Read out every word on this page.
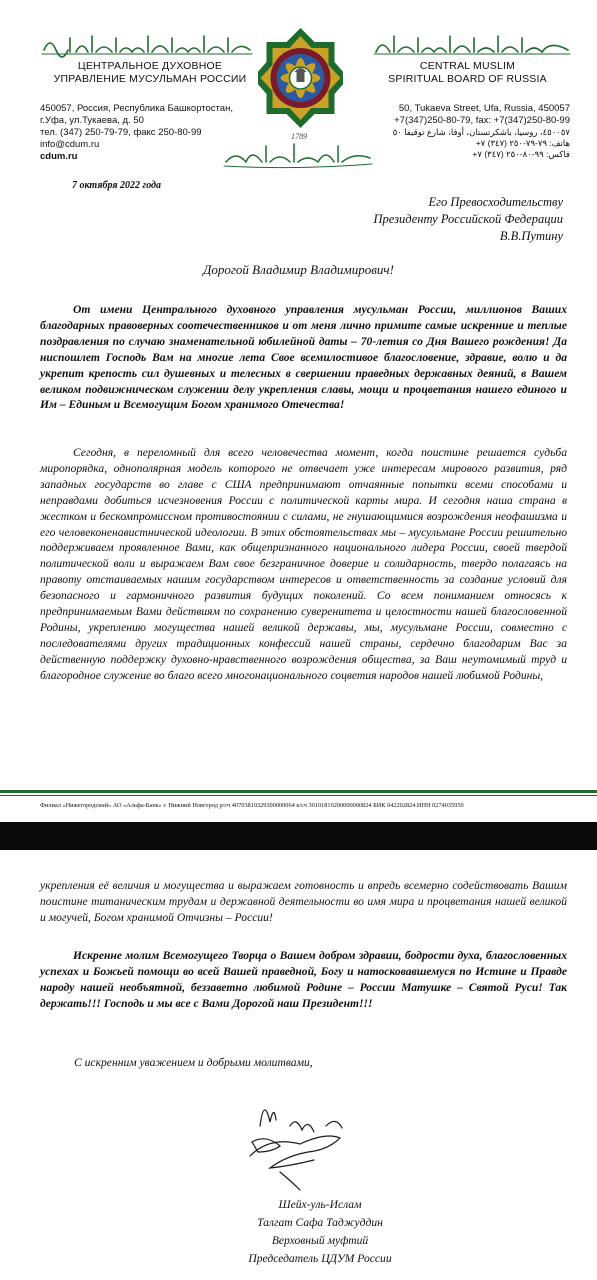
ЦЕНТРАЛЬНОЕ ДУХОВНОЕ
УПРАВЛЕНИЕ МУСУЛЬМАН РОССИИ
CENTRAL MUSLIM
SPIRITUAL BOARD OF RUSSIA
1789
450057, Россия, Республика Башкортостан,
г.Уфа, ул.Тукаева, д. 50
тел. (347) 250-79-79, факс 250-80-99
info@cdum.ru
cdum.ru
50, Tukaeva Street, Ufa, Russia, 450057
+7(347)250-80-79, fax: +7(347)250-80-99
٤٥٠٠٥٧، روسيا، باشكرتستان، أوفا، شارع توقيفا ٥٠
هاتف: ٧٩-٧٩-٢٥٠ (٣٤٧) ٧+
فاكس: ٩٩-٨٠-٢٥٠ (٣٤٧) ٧+
7 октября 2022 года
Его Превосходительству
Президенту Российской Федерации
В.В.Путину
Дорогой Владимир Владимирович!
От имени Центрального духовного управления мусульман России, миллионов Ваших благодарных правоверных соотечественников и от меня лично примите самые искренние и теплые поздравления по случаю знаменательной юбилейной даты – 70-летия со Дня Вашего рождения! Да ниспошлет Господь Вам на многие лета Свое всемилостивое благословение, здравие, волю и да укрепит крепость сил душевных и телесных в свершении праведных державных деяний, в Вашем великом подвижническом служении делу укрепления славы, мощи и процветания нашего единого и Им – Единым и Всемогущим Богом хранимого Отечества!
Сегодня, в переломный для всего человечества момент, когда поистине решается судьба миропорядка, однополярная модель которого не отвечает уже интересам мирового развития, ряд западных государств во главе с США предпринимают отчаянные попытки всеми способами и неправдами добиться исчезновения России с политической карты мира. И сегодня наша страна в жестком и бескомпромиссном противостоянии с силами, не гнушающимися возрождения неофашизма и его человеконенавистнической идеологии. В этих обстоятельствах мы – мусульмане России решительно поддерживаем проявленное Вами, как общепризнанного национального лидера России, своей твердой политической воли и выражаем Вам свое безграничное доверие и солидарность, твердо полагаясь на правоту отстаиваемых нашим государством интересов и ответственность за создание условий для безопасного и гармоничного развития будущих поколений. Со всем пониманием относясь к предпринимаемым Вами действиям по сохранению суверенитета и целостности нашей благословенной Родины, укреплению могущества нашей великой державы, мы, мусульмане России, совместно с последователями других традиционных конфессий нашей страны, сердечно благодарим Вас за действенную поддержку духовно-нравственного возрождения общества, за Ваш неутомимый труд и благородное служение во благо всего многонационального соцветия народов нашей любимой Родины,
Филиал «Нижегородский» АО «Альфа-Банк» г. Нижний Новгород р/сч 40703810329300000064 к/сч 30101810200000000824 БИК 042202824 ИНН 0274035950
укрепления её величия и могущества и выражаем готовность и впредь всемерно содействовать Вашим поистине титаническим трудам и державной деятельности во имя мира и процветания нашей великой и могучей, Богом хранимой Отчизны – России!
Искренне молим Всемогущего Творца о Вашем добром здравии, бодрости духа, благословенных успехах и Божьей помощи во всей Вашей праведной, Богу и натосковавшемуся по Истине и Правде народу нашей необъятной, беззаветно любимой Родине – России Матушке – Святой Руси! Так держать!!! Господь и мы все с Вами Дорогой наш Президент!!!
С искренним уважением и добрыми молитвами,
Шейх-уль-Ислам
Талгат Сафа Таджуддин
Верховный муфтий
Председатель ЦДУМ России
